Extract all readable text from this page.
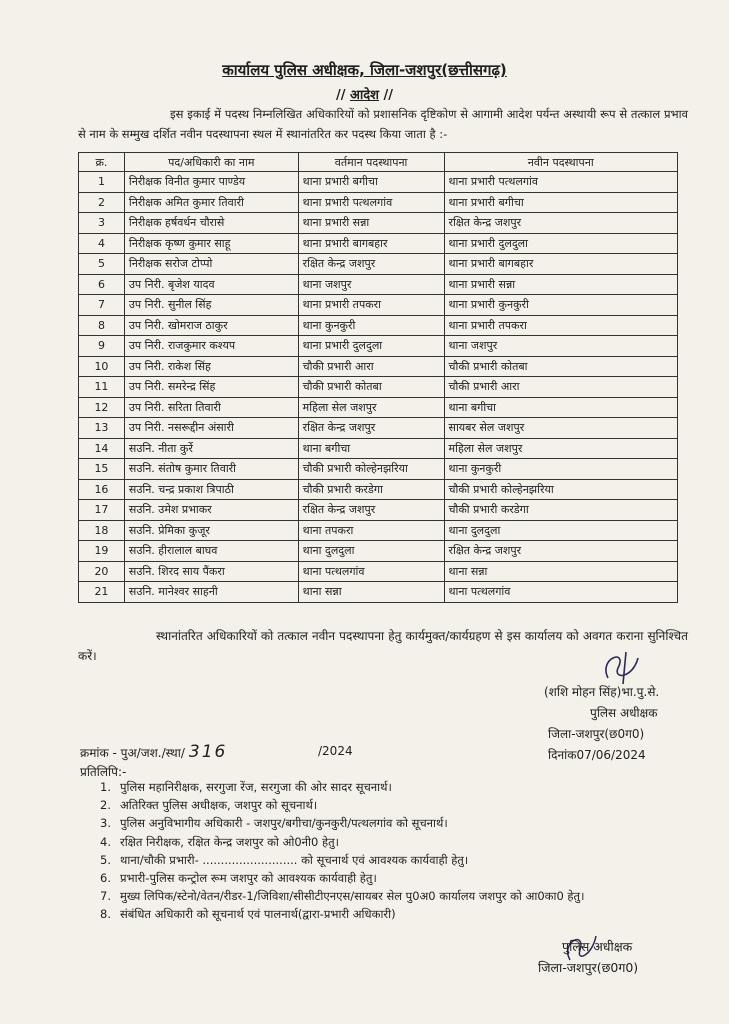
कार्यालय पुलिस अधीक्षक, जिला-जशपुर(छत्तीसगढ़)
// आदेश //
इस इकाई में पदस्थ निम्नलिखित अधिकारियों को प्रशासनिक दृष्टिकोण से आगामी आदेश पर्यन्त अस्थायी रूप से तत्काल प्रभाव से नाम के सम्मुख दर्शित नवीन पदस्थापना स्थल में स्थानांतरित कर पदस्थ किया जाता है :-
क्र.	पद/अधिकारी का नाम	वर्तमान पदस्थापना	नवीन पदस्थापना
1	निरीक्षक विनीत कुमार पाण्डेय	थाना प्रभारी बगीचा	थाना प्रभारी पत्थलगांव
2	निरीक्षक अमित कुमार तिवारी	थाना प्रभारी पत्थलगांव	थाना प्रभारी बगीचा
3	निरीक्षक हर्षवर्धन चौरासे	थाना प्रभारी सन्ना	रक्षित केन्द्र जशपुर
4	निरीक्षक कृष्ण कुमार साहू	थाना प्रभारी बागबहार	थाना प्रभारी दुलदुला
5	निरीक्षक सरोज टोप्पो	रक्षित केन्द्र जशपुर	थाना प्रभारी बागबहार
6	उप निरी. बृजेश यादव	थाना जशपुर	थाना प्रभारी सन्ना
7	उप निरी. सुनील सिंह	थाना प्रभारी तपकरा	थाना प्रभारी कुनकुरी
8	उप निरी. खोमराज ठाकुर	थाना कुनकुरी	थाना प्रभारी तपकरा
9	उप निरी. राजकुमार कश्यप	थाना प्रभारी दुलदुला	थाना जशपुर
10	उप निरी. राकेश सिंह	चौकी प्रभारी आरा	चौकी प्रभारी कोतबा
11	उप निरी. समरेन्द्र सिंह	चौकी प्रभारी कोतबा	चौकी प्रभारी आरा
12	उप निरी. सरिता तिवारी	महिला सेल जशपुर	थाना बगीचा
13	उप निरी. नसरूद्दीन अंसारी	रक्षित केन्द्र जशपुर	सायबर सेल जशपुर
14	सउनि. नीता कुर्रे	थाना बगीचा	महिला सेल जशपुर
15	सउनि. संतोष कुमार तिवारी	चौकी प्रभारी कोल्हेनझरिया	थाना कुनकुरी
16	सउनि. चन्द्र प्रकाश त्रिपाठी	चौकी प्रभारी करडेगा	चौकी प्रभारी कोल्हेनझरिया
17	सउनि. उमेश प्रभाकर	रक्षित केन्द्र जशपुर	चौकी प्रभारी करडेगा
18	सउनि. प्रेमिका कुजूर	थाना तपकरा	थाना दुलदुला
19	सउनि. हीरालाल बाघव	थाना दुलदुला	रक्षित केन्द्र जशपुर
20	सउनि. शिरद साय पैंकरा	थाना पत्थलगांव	थाना सन्ना
21	सउनि. मानेश्वर साहनी	थाना सन्ना	थाना पत्थलगांव
स्थानांतरित अधिकारियों को तत्काल नवीन पदस्थापना हेतु कार्यमुक्त/कार्यग्रहण से इस कार्यालय को अवगत कराना सुनिश्चित करें।
(शशि मोहन सिंह)भा.पु.से.
पुलिस अधीक्षक
जिला-जशपुर(छ0ग0)
दिनांक07/06/2024
क्रमांक - पुअ/जश./स्था/ 316	/2024
प्रतिलिपि:-
1. पुलिस महानिरीक्षक, सरगुजा रेंज, सरगुजा की ओर सादर सूचनार्थ।
2. अतिरिक्त पुलिस अधीक्षक, जशपुर को सूचनार्थ।
3. पुलिस अनुविभागीय अधिकारी - जशपुर/बगीचा/कुनकुरी/पत्थलगांव को सूचनार्थ।
4. रक्षित निरीक्षक, रक्षित केन्द्र जशपुर को ओ0नी0 हेतु।
5. थाना/चौकी प्रभारी- .......................... को सूचनार्थ एवं आवश्यक कार्यवाही हेतु।
6. प्रभारी-पुलिस कन्ट्रोल रूम जशपुर को आवश्यक कार्यवाही हेतु।
7. मुख्य लिपिक/स्टेनो/वेतन/रीडर-1/जिविशा/सीसीटीएनएस/सायबर सेल पु0अ0 कार्यालय जशपुर को आ0का0 हेतु।
8. संबंधित अधिकारी को सूचनार्थ एवं पालनार्थ(द्वारा-प्रभारी अधिकारी)
पुलिस अधीक्षक
जिला-जशपुर(छ0ग0)
